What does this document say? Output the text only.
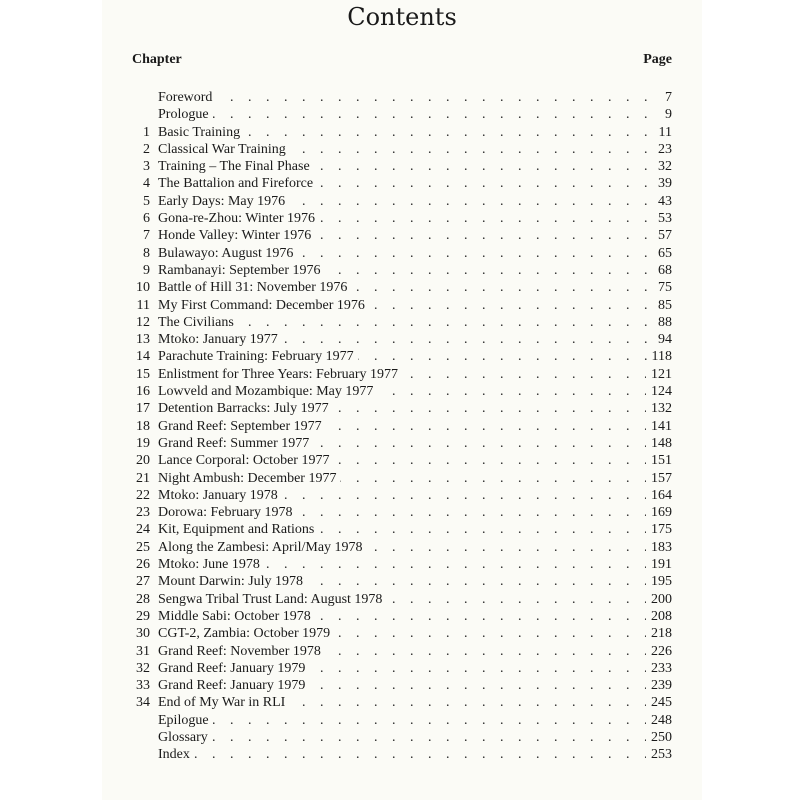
Contents
Chapter	Page
Foreword . . .	7
Prologue . . .	9
1 Basic Training . . .	11
2 Classical War Training . . .	23
3 Training – The Final Phase . . .	32
4 The Battalion and Fireforce . . .	39
5 Early Days: May 1976 . . .	43
6 Gona-re-Zhou: Winter 1976 . . .	53
7 Honde Valley: Winter 1976 . . .	57
8 Bulawayo: August 1976 . . .	65
9 Rambanayi: September 1976 . . .	68
10 Battle of Hill 31: November 1976 . . .	75
11 My First Command: December 1976 . . .	85
12 The Civilians . . .	88
13 Mtoko: January 1977 . . .	94
14 Parachute Training: February 1977 . . .	118
15 Enlistment for Three Years: February 1977 . . .	121
16 Lowveld and Mozambique: May 1977 . . .	124
17 Detention Barracks: July 1977 . . .	132
18 Grand Reef: September 1977 . . .	141
19 Grand Reef: Summer 1977 . . .	148
20 Lance Corporal: October 1977 . . .	151
21 Night Ambush: December 1977 . . .	157
22 Mtoko: January 1978 . . .	164
23 Dorowa: February 1978 . . .	169
24 Kit, Equipment and Rations . . .	175
25 Along the Zambesi: April/May 1978 . . .	183
26 Mtoko: June 1978 . . .	191
27 Mount Darwin: July 1978 . . .	195
28 Sengwa Tribal Trust Land: August 1978 . . .	200
29 Middle Sabi: October 1978 . . .	208
30 CGT-2, Zambia: October 1979 . . .	218
31 Grand Reef: November 1978 . . .	226
32 Grand Reef: January 1979 . . .	233
33 Grand Reef: January 1979 . . .	239
34 End of My War in RLI . . .	245
Epilogue . . .	248
Glossary . . .	250
Index . . .	253
